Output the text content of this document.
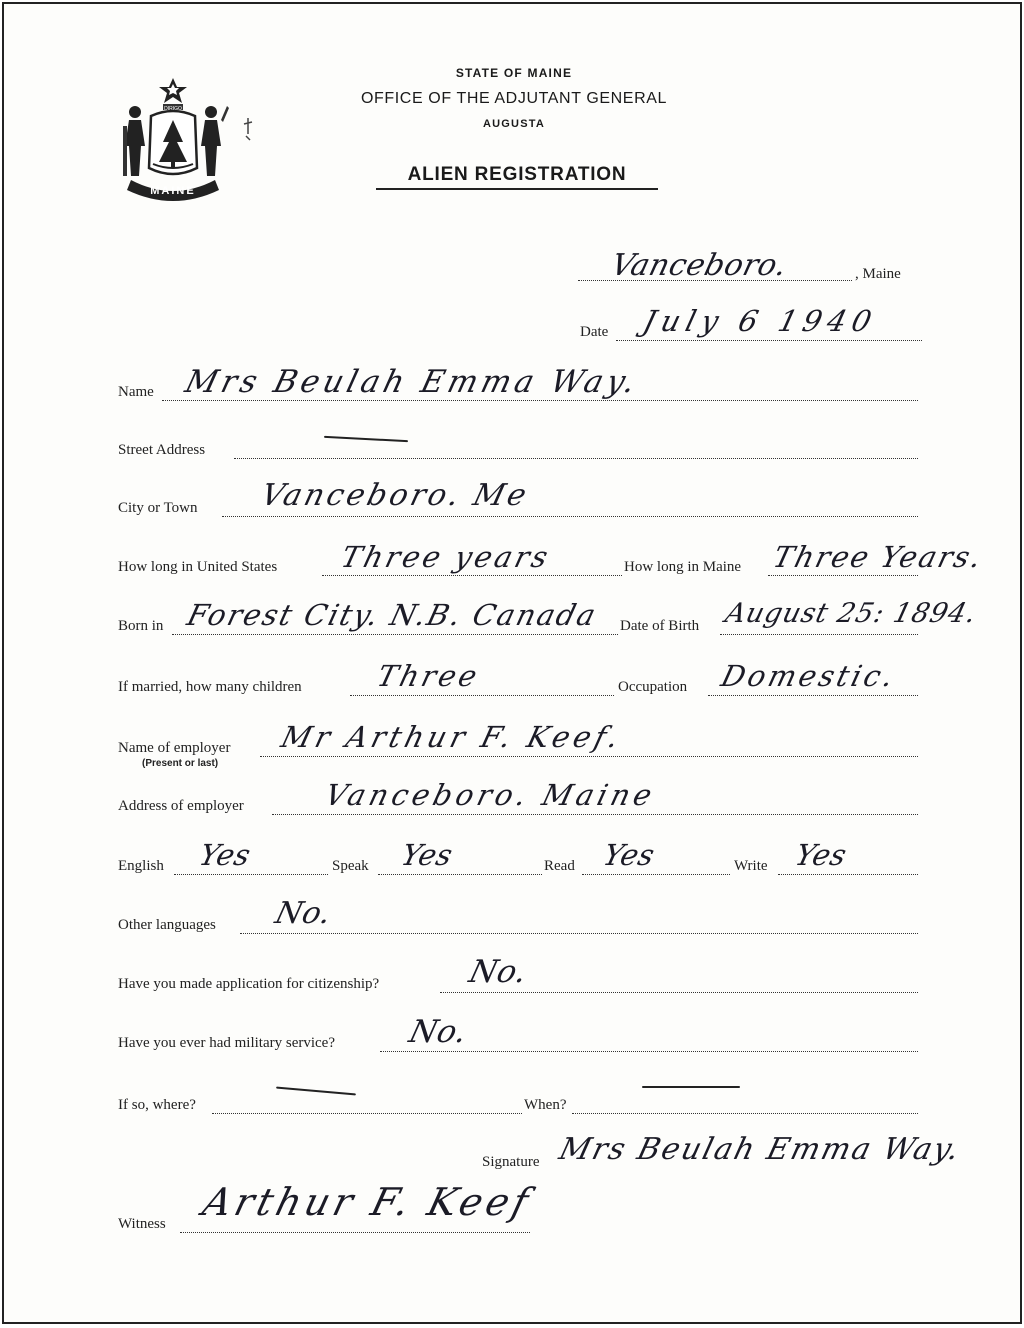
MAINE
DIRIGO
STATE OF MAINE
OFFICE OF THE ADJUTANT GENERAL
AUGUSTA
ALIEN REGISTRATION
Vanceboro.	, Maine
Date July 6 1940
Name Mrs Beulah Emma Way.
Street Address
City or Town Vanceboro. Me
How long in United States Three years	How long in Maine Three Years.
Born in Forest City. N.B. Canada Date of Birth August 25: 1894.
If married, how many children Three	Occupation Domestic.
Name of employer
(Present or last)
Mr Arthur F. Keef.
Address of employer	Vanceboro. Maine
English Yes	Speak Yes	Read Yes	Write Yes
Other languages No.
Have you made application for citizenship?	No.
Have you ever had military service? No.
If so, where?	When?
Signature Mrs Beulah Emma Way.
Witness Arthur F. Keef
